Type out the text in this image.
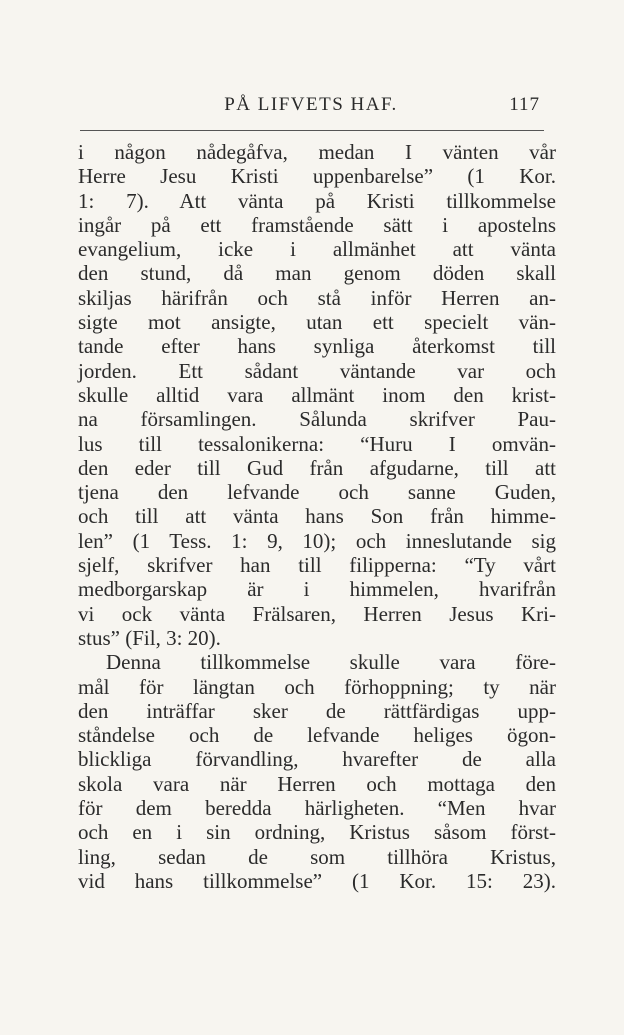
PÅ LIFVETS HAF.	117
i någon nådegåfva, medan I vänten vår
Herre Jesu Kristi uppenbarelse” (1 Kor.
1: 7). Att vänta på Kristi tillkommelse
ingår på ett framstående sätt i apostelns
evangelium, icke i allmänhet att vänta
den stund, då man genom döden skall
skiljas härifrån och stå inför Herren an-
sigte mot ansigte, utan ett specielt vän-
tande efter hans synliga återkomst till
jorden. Ett sådant väntande var och
skulle alltid vara allmänt inom den krist-
na församlingen. Sålunda skrifver Pau-
lus till tessalonikerna: “Huru I omvän-
den eder till Gud från afgudarne, till att
tjena den lefvande och sanne Guden,
och till att vänta hans Son från himme-
len” (1 Tess. 1: 9, 10); och inneslutande sig
sjelf, skrifver han till filipperna: “Ty vårt
medborgarskap är i himmelen, hvarifrån
vi ock vänta Frälsaren, Herren Jesus Kri-
stus” (Fil, 3: 20).
Denna tillkommelse skulle vara före-
mål för längtan och förhoppning; ty när
den inträffar sker de rättfärdigas upp-
ståndelse och de lefvande heliges ögon-
blickliga förvandling, hvarefter de alla
skola vara när Herren och mottaga den
för dem beredda härligheten. “Men hvar
och en i sin ordning, Kristus såsom först-
ling, sedan de som tillhöra Kristus,
vid hans tillkommelse” (1 Kor. 15: 23).
